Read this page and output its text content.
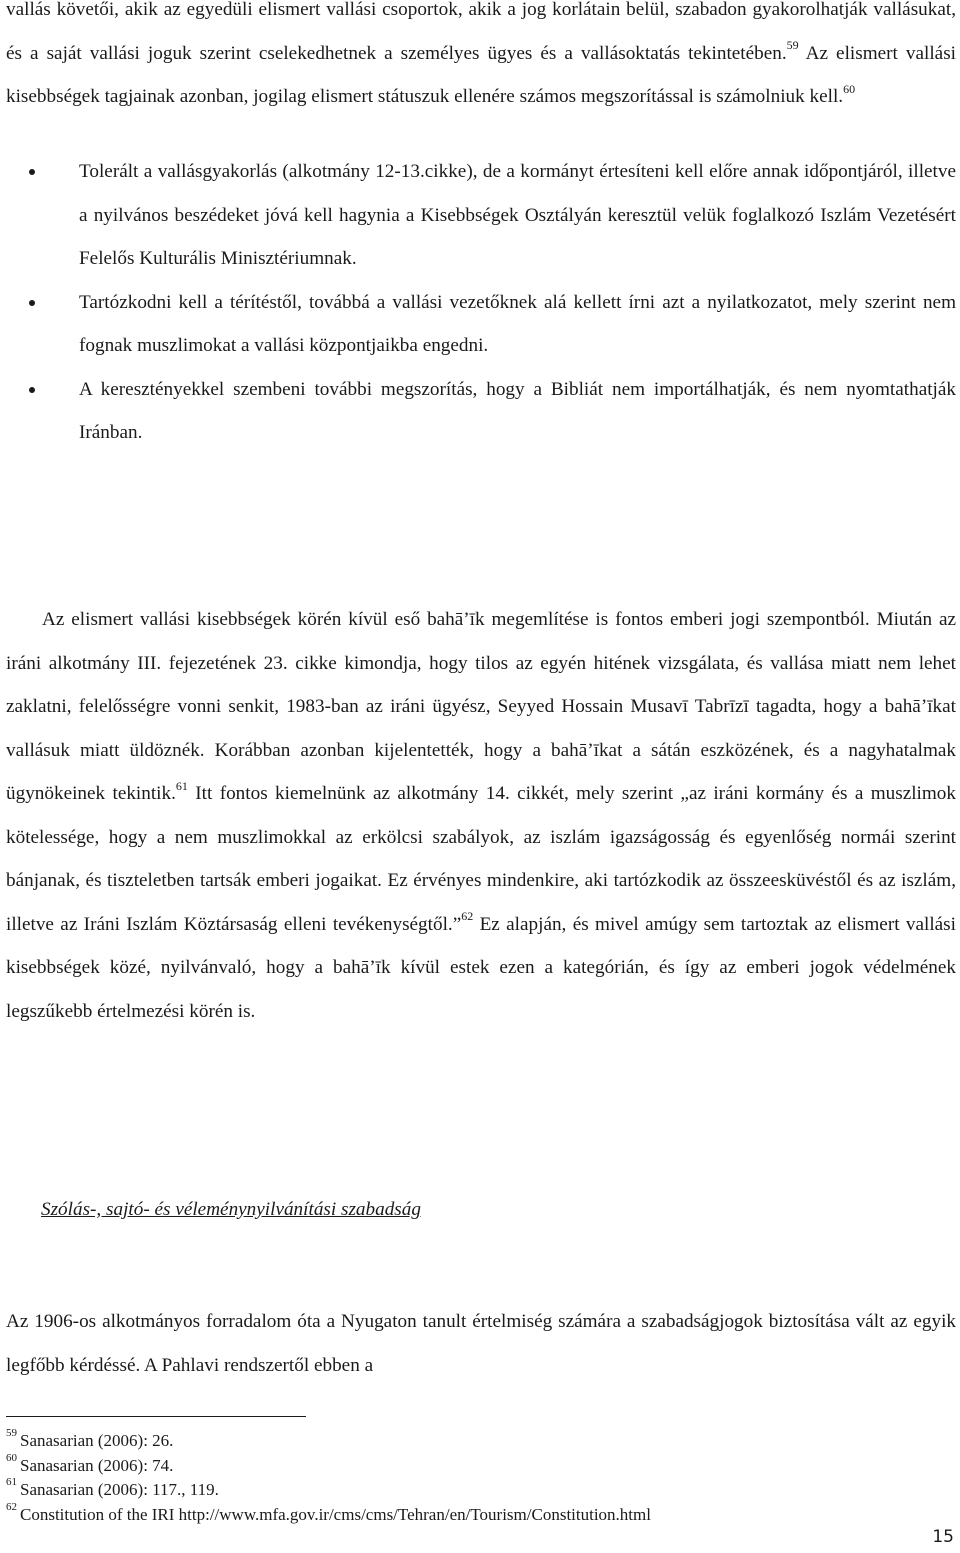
vallás követői, akik az egyedüli elismert vallási csoportok, akik a jog korlátain belül, szabadon gyakorolhatják vallásukat, és a saját vallási joguk szerint cselekedhetnek a személyes ügyes és a vallásoktatás tekintetében.$^{59}$ Az elismert vallási kisebbségek tagjainak azonban, jogilag elismert státuszuk ellenére számos megszorítással is számolniuk kell.$^{60}$

Tolerált a vallásgyakorlás (alkotmány 12-13.cikke), de a kormányt értesíteni kell előre annak időpontjáról, illetve a nyilvános beszédeket jóvá kell hagynia a Kisebbségek Osztályán keresztül velük foglalkozó Iszlám Vezetésért Felelős Kulturális Minisztériumnak.
Tartózkodni kell a térítéstől, továbbá a vallási vezetőknek alá kellett írni azt a nyilatkozatot, mely szerint nem fognak muszlimokat a vallási központjaikba engedni.
A keresztényekkel szembeni további megszorítás, hogy a Bibliát nem importálhatják, és nem nyomtathatják Iránban.

Az elismert vallási kisebbségek körén kívül eső bahā’īk megemlítése is fontos emberi jogi szempontból. Miután az iráni alkotmány III. fejezetének 23. cikke kimondja, hogy tilos az egyén hitének vizsgálata, és vallása miatt nem lehet zaklatni, felelősségre vonni senkit, 1983-ban az iráni ügyész, Seyyed Hossain Musavī Tabrīzī tagadta, hogy a bahā’īkat vallásuk miatt üldöznék. Korábban azonban kijelentették, hogy a bahā’īkat a sátán eszközének, és a nagyhatalmak ügynökeinek tekintik.$^{61}$ Itt fontos kiemelnünk az alkotmány 14. cikkét, mely szerint „az iráni kormány és a muszlimok kötelessége, hogy a nem muszlimokkal az erkölcsi szabályok, az iszlám igazságosság és egyenlőség normái szerint bánjanak, és tiszteletben tartsák emberi jogaikat. Ez érvényes mindenkire, aki tartózkodik az összeesküvéstől és az iszlám, illetve az Iráni Iszlám Köztársaság elleni tevékenységtől.”$^{62}$ Ez alapján, és mivel amúgy sem tartoztak az elismert vallási kisebbségek közé, nyilvánvaló, hogy a bahā’īk kívül estek ezen a kategórián, és így az emberi jogok védelmének legszűkebb értelmezési körén is.

Szólás-, sajtó- és véleménynyilvánítási szabadság

Az 1906-os alkotmányos forradalom óta a Nyugaton tanult értelmiség számára a szabadságjogok biztosítása vált az egyik legfőbb kérdéssé. A Pahlavi rendszertől ebben a

$^{59}$ Sanasarian (2006): 26.
$^{60}$ Sanasarian (2006): 74.
$^{61}$ Sanasarian (2006): 117., 119.
$^{62}$ Constitution of the IRI http://www.mfa.gov.ir/cms/cms/Tehran/en/Tourism/Constitution.html
15
